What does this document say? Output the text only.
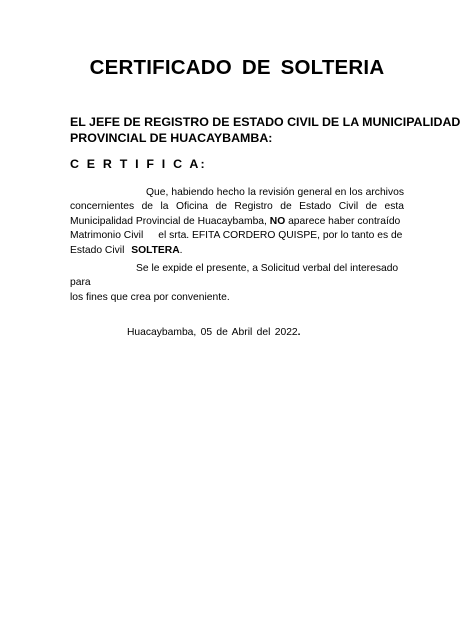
CERTIFICADO DE SOLTERIA
EL JEFE DE REGISTRO DE ESTADO CIVIL DE LA MUNICIPALIDAD
PROVINCIAL DE HUACAYBAMBA:
C E R T I F I C A:
Que, habiendo hecho la revisión general en los archivos
concernientes de la Oficina de Registro de Estado Civil de esta
Municipalidad Provincial de Huacaybamba, NO aparece haber contraído
Matrimonio Civil el srta. EFITA CORDERO QUISPE, por lo tanto es de
Estado Civil SOLTERA.
Se le expide el presente, a Solicitud verbal del interesado
para
los fines que crea por conveniente.
Huacaybamba, 05 de Abril del 2022.
